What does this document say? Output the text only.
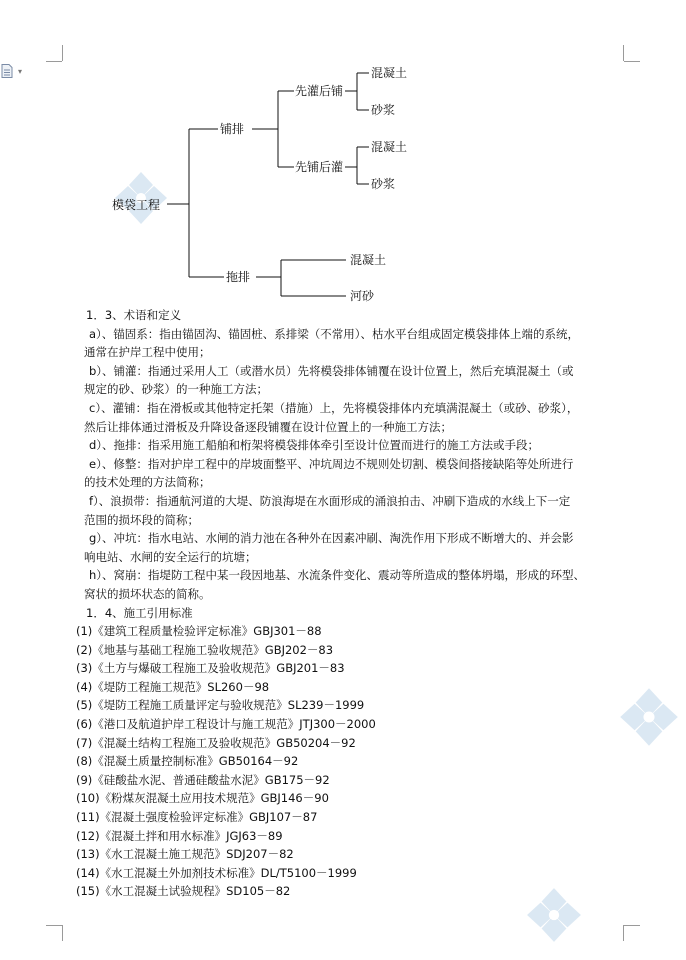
▾
模袋工程
铺排
先灌后铺
先铺后灌
混凝土
砂浆
混凝土
砂浆
拖排
混凝土
河砂

1．3、术语和定义

a）、锚固系：指由锚固沟、锚固桩、系排梁（不常用）、枯水平台组成固定模袋排体上端的系统，

通常在护岸工程中使用；

b）、铺灌：指通过采用人工（或潜水员）先将模袋排体铺覆在设计位置上，然后充填混凝土（或

规定的砂、砂浆）的一种施工方法；

c）、灌铺：指在滑板或其他特定托架（措施）上，先将模袋排体内充填满混凝土（或砂、砂浆），

然后让排体通过滑板及升降设备逐段铺覆在设计位置上的一种施工方法；

d）、拖排：指采用施工船舶和桁架将模袋排体牵引至设计位置而进行的施工方法或手段；

e）、修整：指对护岸工程中的岸坡面整平、冲坑周边不规则处切割、模袋间搭接缺陷等处所进行

的技术处理的方法简称；

f）、浪损带：指通航河道的大堤、防浪海堤在水面形成的涌浪拍击、冲刷下造成的水线上下一定

范围的损坏段的简称；

g）、冲坑：指水电站、水闸的消力池在各种外在因素冲刷、淘洗作用下形成不断增大的、并会影

响电站、水闸的安全运行的坑塘；

h）、窝崩：指堤防工程中某一段因地基、水流条件变化、震动等所造成的整体坍塌，形成的环型、

窝状的损坏状态的简称。

1．4、施工引用标准

(1)《建筑工程质量检验评定标准》GBJ301－88

(2)《地基与基础工程施工验收规范》GBJ202－83

(3)《土方与爆破工程施工及验收规范》GBJ201－83

(4)《堤防工程施工规范》SL260－98

(5)《堤防工程施工质量评定与验收规范》SL239－1999

(6)《港口及航道护岸工程设计与施工规范》JTJ300－2000

(7)《混凝土结构工程施工及验收规范》GB50204－92

(8)《混凝土质量控制标准》GB50164－92

(9)《硅酸盐水泥、普通硅酸盐水泥》GB175－92

(10)《粉煤灰混凝土应用技术规范》GBJ146－90

(11)《混凝土强度检验评定标准》GBJ107－87

(12)《混凝土拌和用水标准》JGJ63－89

(13)《水工混凝土施工规范》SDJ207－82

(14)《水工混凝土外加剂技术标准》DL/T5100－1999

(15)《水工混凝土试验规程》SD105－82
